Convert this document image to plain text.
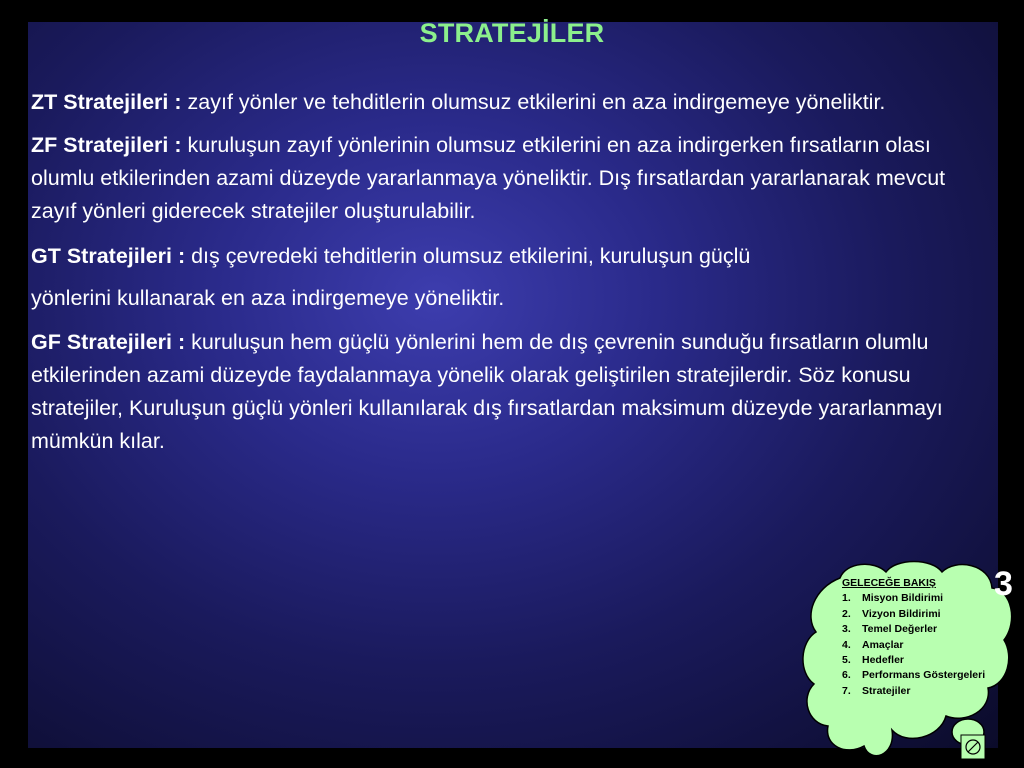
STRATEJİLER

ZT Stratejileri : zayıf yönler ve tehditlerin olumsuz etkilerini en aza indirgemeye yöneliktir.

ZF Stratejileri : kuruluşun zayıf yönlerinin olumsuz etkilerini en aza indirgerken fırsatların olası olumlu etkilerinden azami düzeyde yararlanmaya yöneliktir. Dış fırsatlardan yararlanarak mevcut zayıf yönleri giderecek stratejiler oluşturulabilir.

GT Stratejileri : dış çevredeki tehditlerin olumsuz etkilerini, kuruluşun güçlü

yönlerini kullanarak en aza indirgemeye yöneliktir.

GF Stratejileri : kuruluşun hem güçlü yönlerini hem de dış çevrenin sunduğu fırsatların olumlu etkilerinden azami düzeyde faydalanmaya yönelik olarak geliştirilen stratejilerdir. Söz konusu stratejiler, Kuruluşun güçlü yönleri kullanılarak dış fırsatlardan maksimum düzeyde yararlanmayı mümkün kılar.

GELECEĞE BAKIŞ
1. Misyon Bildirimi
2. Vizyon Bildirimi
3. Temel Değerler
4. Amaçlar
5. Hedefler
6. Performans Göstergeleri
7. Stratejiler
3
